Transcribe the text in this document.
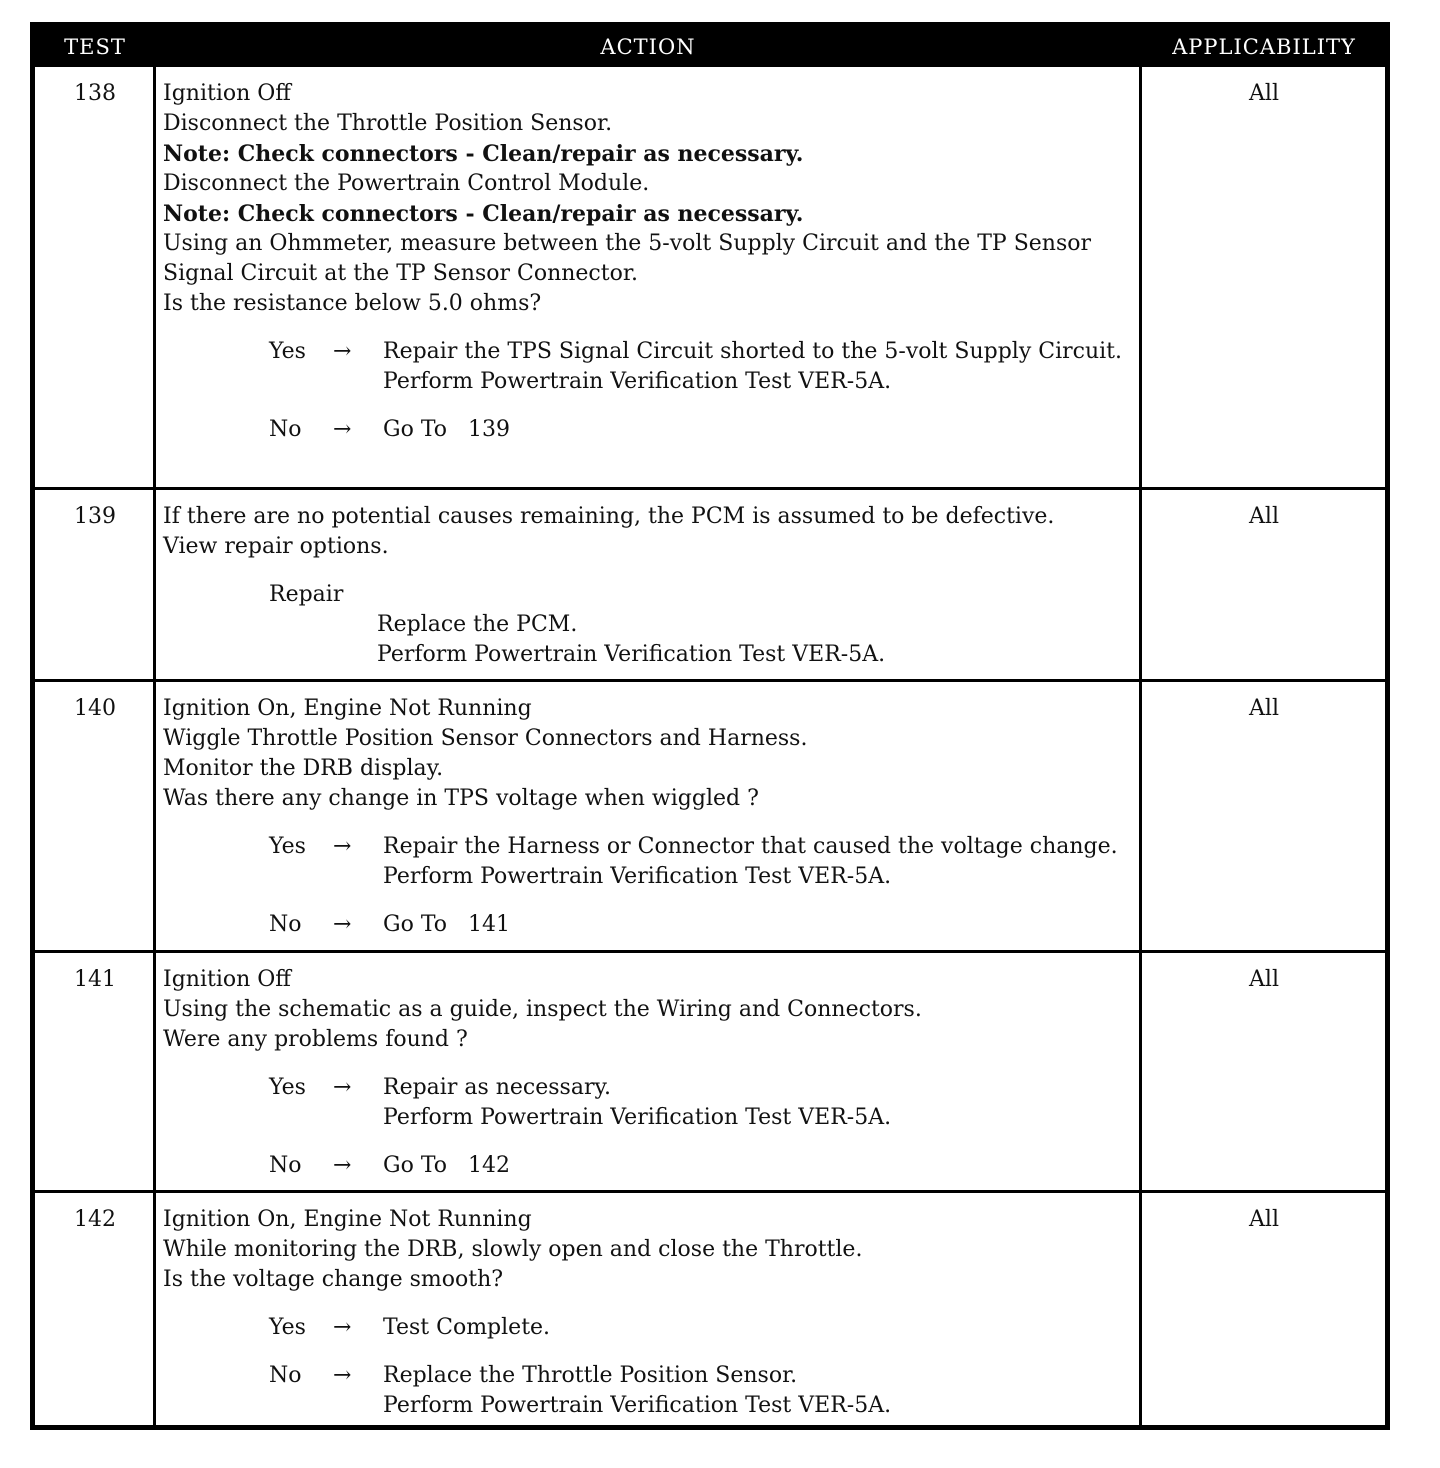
TEST	ACTION	APPLICABILITY
138	Ignition Off
Disconnect the Throttle Position Sensor.
Note: Check connectors - Clean/repair as necessary.
Disconnect the Powertrain Control Module.
Note: Check connectors - Clean/repair as necessary.
Using an Ohmmeter, measure between the 5-volt Supply Circuit and the TP Sensor
Signal Circuit at the TP Sensor Connector.
Is the resistance below 5.0 ohms?
Yes → Repair the TPS Signal Circuit shorted to the 5-volt Supply Circuit.
Perform Powertrain Verification Test VER-5A.
No → Go To   139
All
139	If there are no potential causes remaining, the PCM is assumed to be defective.
View repair options.
Repair
Replace the PCM.
Perform Powertrain Verification Test VER-5A.
All
140	Ignition On, Engine Not Running
Wiggle Throttle Position Sensor Connectors and Harness.
Monitor the DRB display.
Was there any change in TPS voltage when wiggled ?
Yes → Repair the Harness or Connector that caused the voltage change.
Perform Powertrain Verification Test VER-5A.
No → Go To   141
All
141	Ignition Off
Using the schematic as a guide, inspect the Wiring and Connectors.
Were any problems found ?
Yes → Repair as necessary.
Perform Powertrain Verification Test VER-5A.
No → Go To   142
All
142	Ignition On, Engine Not Running
While monitoring the DRB, slowly open and close the Throttle.
Is the voltage change smooth?
Yes → Test Complete.
No → Replace the Throttle Position Sensor.
Perform Powertrain Verification Test VER-5A.
All
